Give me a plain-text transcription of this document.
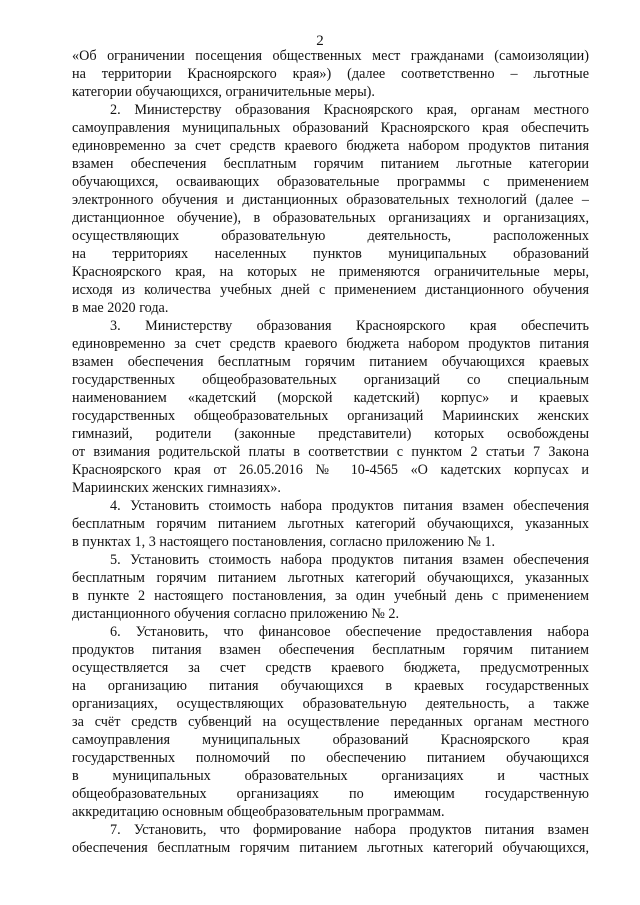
2
«Об ограничении посещения общественных мест гражданами (самоизоляции)
на территории Красноярского края») (далее соответственно – льготные
категории обучающихся, ограничительные меры).
2. Министерству образования Красноярского края, органам местного
самоуправления муниципальных образований Красноярского края обеспечить
единовременно за счет средств краевого бюджета набором продуктов питания
взамен обеспечения бесплатным горячим питанием льготные категории
обучающихся, осваивающих образовательные программы с применением
электронного обучения и дистанционных образовательных технологий (далее –
дистанционное обучение), в образовательных организациях и организациях,
осуществляющих образовательную деятельность, расположенных
на территориях населенных пунктов муниципальных образований
Красноярского края, на которых не применяются ограничительные меры,
исходя из количества учебных дней с применением дистанционного обучения
в мае 2020 года.
3. Министерству образования Красноярского края обеспечить
единовременно за счет средств краевого бюджета набором продуктов питания
взамен обеспечения бесплатным горячим питанием обучающихся краевых
государственных общеобразовательных организаций со специальным
наименованием «кадетский (морской кадетский) корпус» и краевых
государственных общеобразовательных организаций Мариинских женских
гимназий, родители (законные представители) которых освобождены
от взимания родительской платы в соответствии с пунктом 2 статьи 7 Закона
Красноярского края от 26.05.2016 № 10-4565 «О кадетских корпусах и
Мариинских женских гимназиях».
4. Установить стоимость набора продуктов питания взамен обеспечения
бесплатным горячим питанием льготных категорий обучающихся, указанных
в пунктах 1, 3 настоящего постановления, согласно приложению № 1.
5. Установить стоимость набора продуктов питания взамен обеспечения
бесплатным горячим питанием льготных категорий обучающихся, указанных
в пункте 2 настоящего постановления, за один учебный день с применением
дистанционного обучения согласно приложению № 2.
6. Установить, что финансовое обеспечение предоставления набора
продуктов питания взамен обеспечения бесплатным горячим питанием
осуществляется за счет средств краевого бюджета, предусмотренных
на организацию питания обучающихся в краевых государственных
организациях, осуществляющих образовательную деятельность, а также
за счёт средств субвенций на осуществление переданных органам местного
самоуправления муниципальных образований Красноярского края
государственных полномочий по обеспечению питанием обучающихся
в муниципальных образовательных организациях и частных
общеобразовательных организациях по имеющим государственную
аккредитацию основным общеобразовательным программам.
7. Установить, что формирование набора продуктов питания взамен
обеспечения бесплатным горячим питанием льготных категорий обучающихся,
